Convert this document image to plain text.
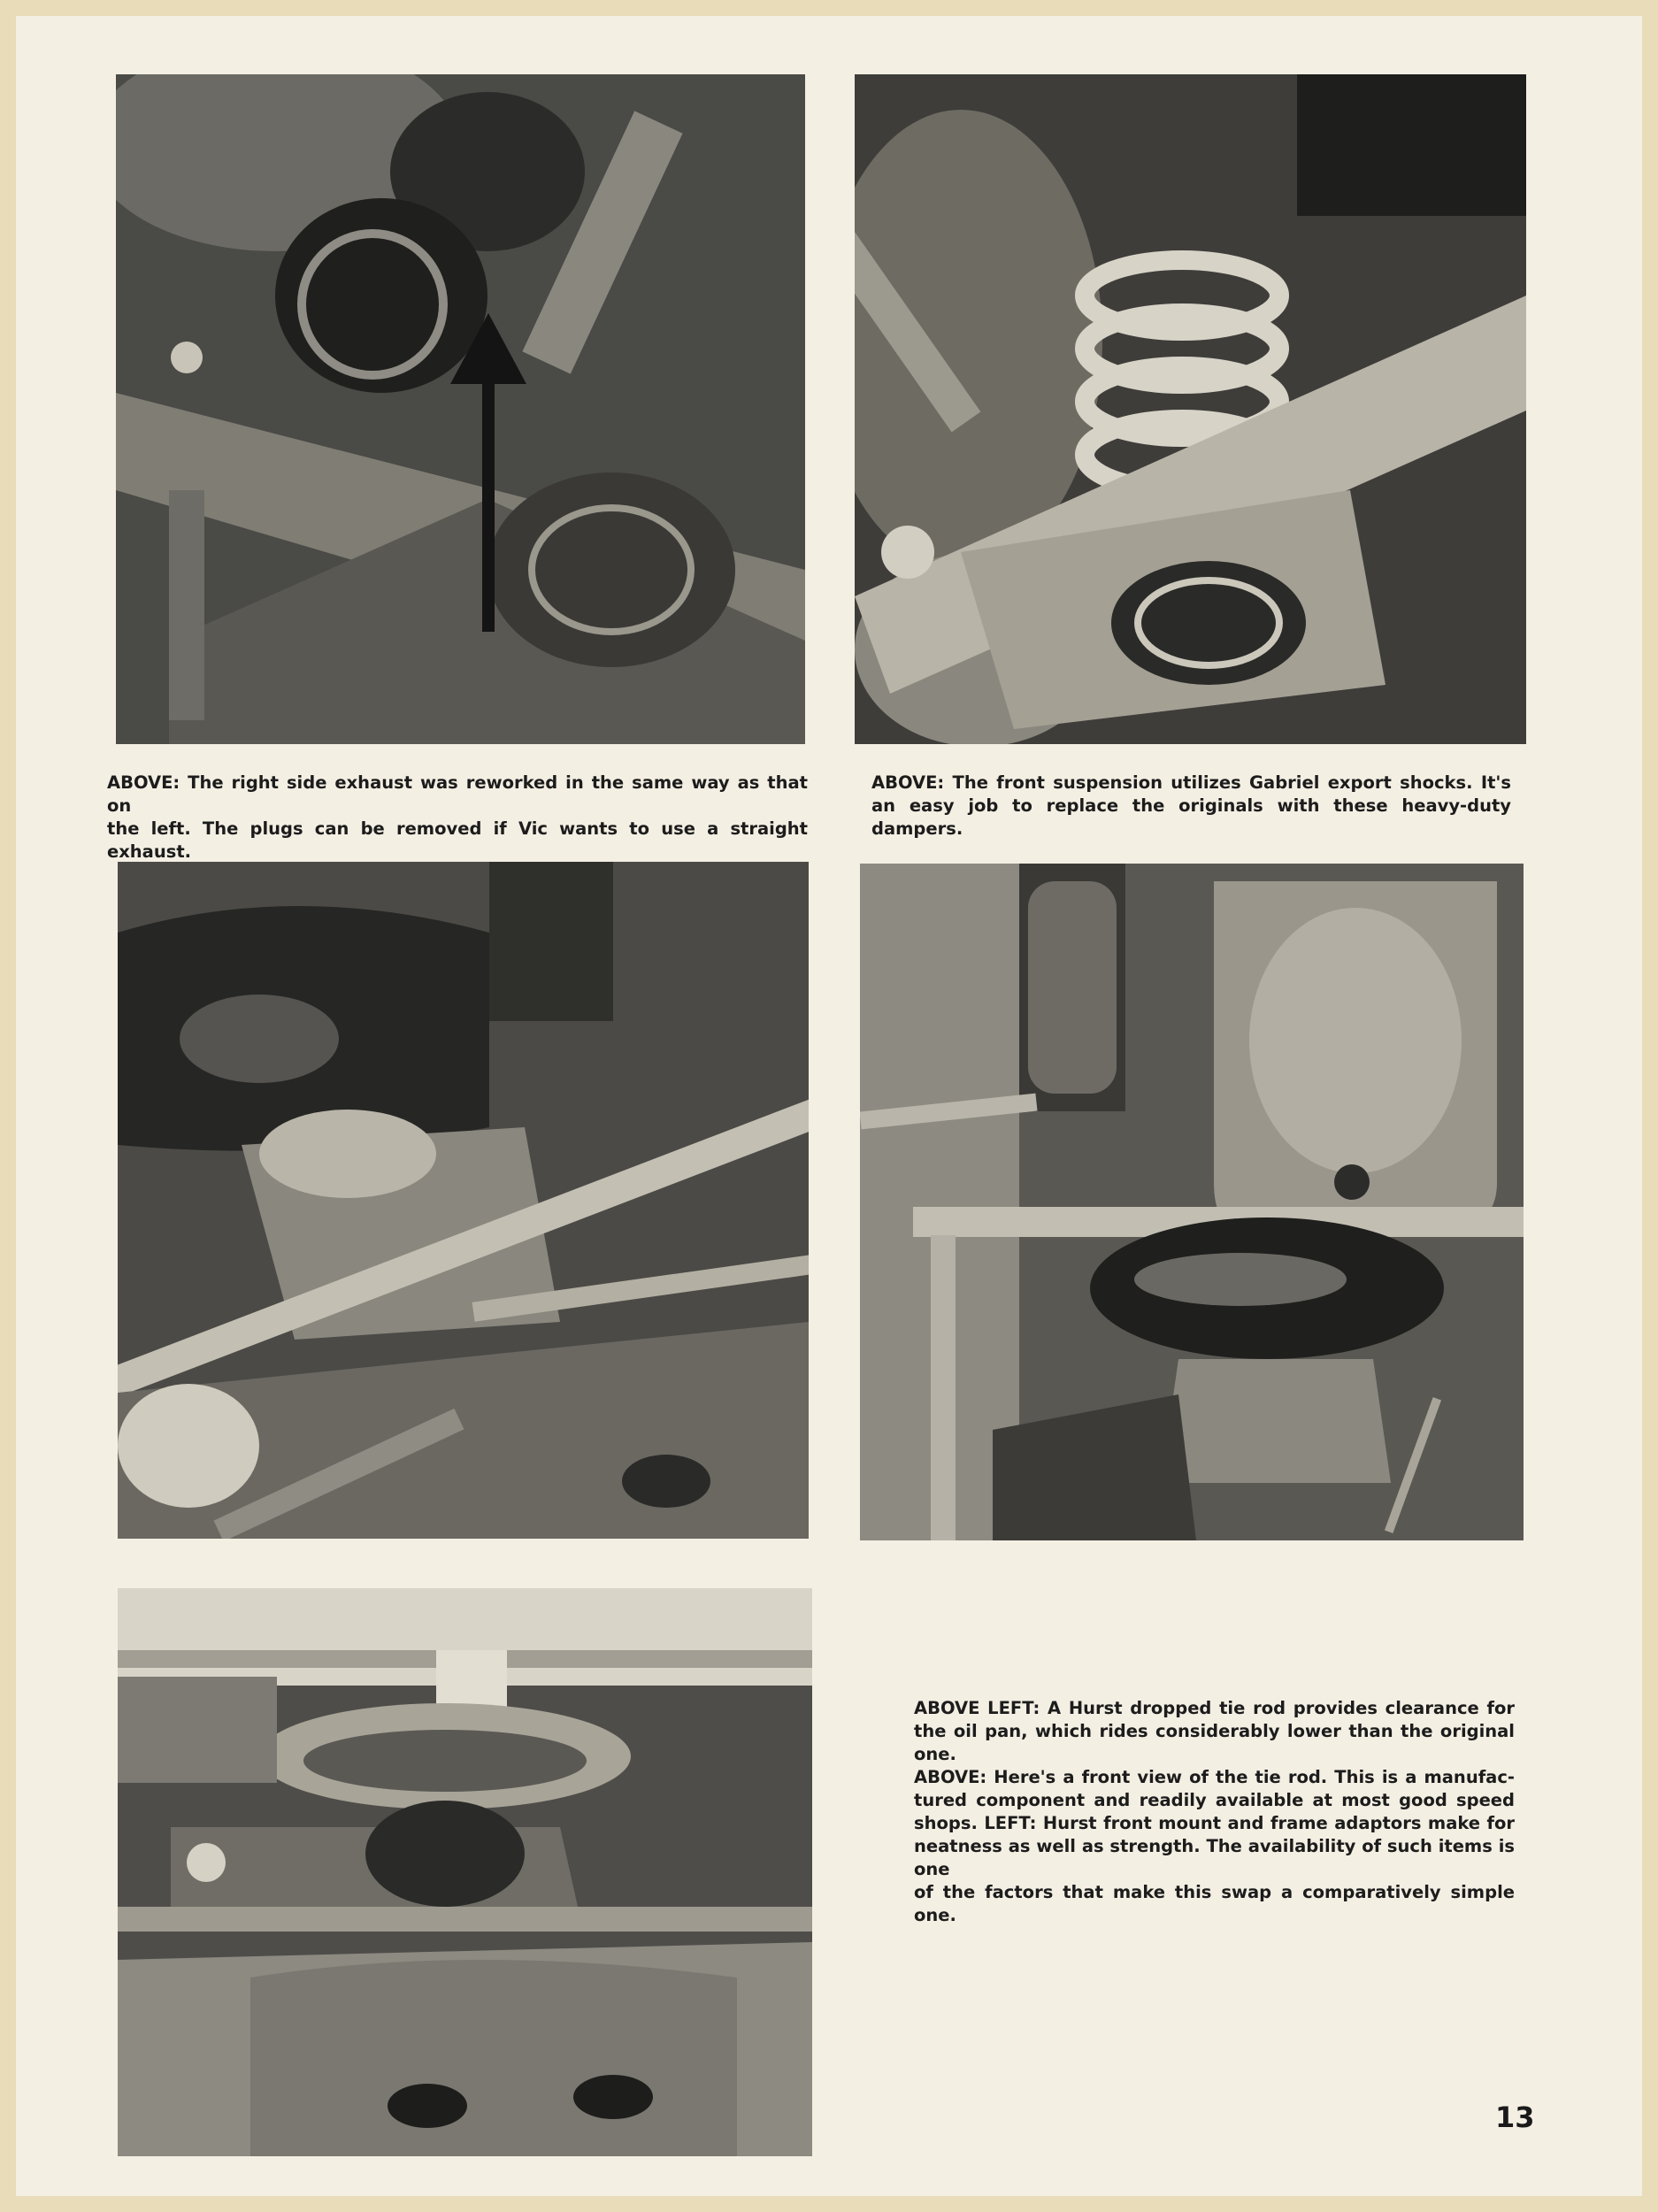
ABOVE: The right side exhaust was reworked in the same way as that on
the left. The plugs can be removed if Vic wants to use a straight exhaust.

ABOVE: The front suspension utilizes Gabriel export shocks. It's
an easy job to replace the originals with these heavy-duty dampers.

ABOVE LEFT: A Hurst dropped tie rod provides clearance for
the oil pan, which rides considerably lower than the original one.
ABOVE: Here's a front view of the tie rod. This is a manufac-
tured component and readily available at most good speed
shops. LEFT: Hurst front mount and frame adaptors make for
neatness as well as strength. The availability of such items is one
of the factors that make this swap a comparatively simple one.

13
